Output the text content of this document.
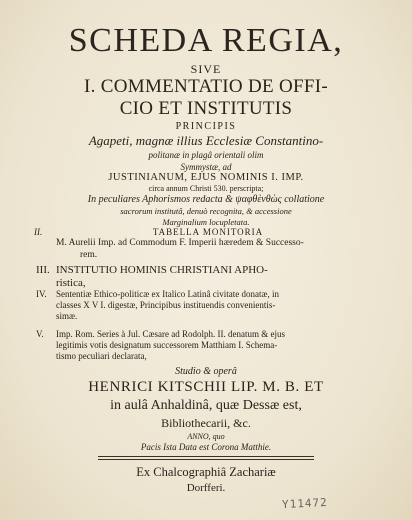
SCHEDA REGIA,
SIVE
I. COMMENTATIO DE OFFI-
CIO ET INSTITUTIS
PRINCIPIS
Agapeti, magnæ illius Ecclesiæ Constantino-
politanæ in plagâ orientali olim
Symmystæ, ad
JUSTINIANUM, EJUS NOMINIS I. IMP.
circa annum Christi 530. perscripta;
In peculiares Aphorismos redacta & ψαφθὲνθὼς collatione
sacrorum institutâ, denuò recognita, & accessione
Marginalium locupletata.
II.	TABELLA MONITORIA
M. Aurelii Imp. ad Commodum F. Imperii hæredem & Successo-
rem.
III. INSTITUTIO HOMINIS CHRISTIANI APHO-
ristica,
IV.	Sententiæ Ethico-politicæ ex Italico Latinâ civitate donatæ, in
classes X V I. digestæ, Principibus instituendis convenientis-
simæ.
V.	Imp. Rom. Series à Jul. Cæsare ad Rodolph. II. denatum & ejus
legitimis votis designatum successorem Matthiam I. Schema-
tismo peculiari declarata,
Studio & operâ
HENRICI KITSCHII LIP. M. B. ET
in aulâ Anhaldinâ, quæ Dessæ est,
Bibliothecarii, &c.
ANNO, quo
Pacis Ista Data est Corona Matthie.
Ex Chalcographiâ Zachariæ
Dorfferi.
Y11472
